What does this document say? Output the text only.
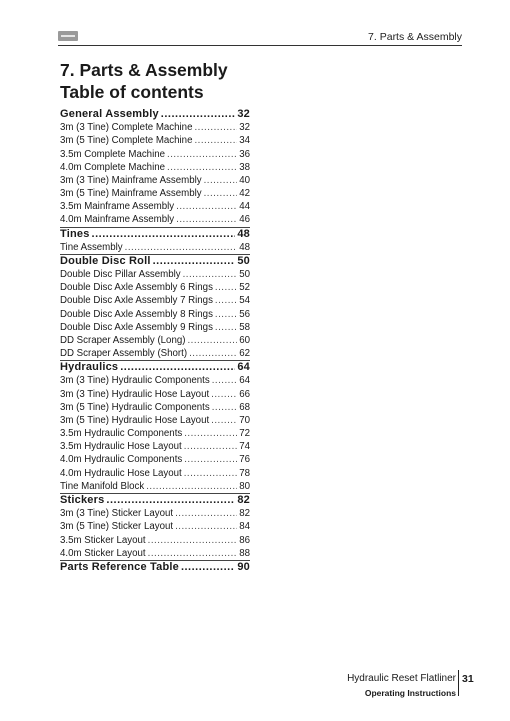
7. Parts & Assembly
7. Parts & Assembly
Table of contents
General Assembly .....	32
3m (3 Tine) Complete Machine .....	32
3m (5 Tine) Complete Machine .....	34
3.5m Complete Machine .....	36
4.0m Complete Machine .....	38
3m (3 Tine) Mainframe Assembly .....	40
3m (5 Tine) Mainframe Assembly .....	42
3.5m Mainframe Assembly .....	44
4.0m Mainframe Assembly .....	46
Tines .....	48
Tine Assembly .....	48
Double Disc Roll .....	50
Double Disc Pillar Assembly .....	50
Double Disc Axle Assembly 6 Rings .....	52
Double Disc Axle Assembly 7 Rings .....	54
Double Disc Axle Assembly 8 Rings .....	56
Double Disc Axle Assembly 9 Rings .....	58
DD Scraper Assembly (Long) .....	60
DD Scraper Assembly (Short) .....	62
Hydraulics .....	64
3m (3 Tine) Hydraulic Components .....	64
3m (3 Tine) Hydraulic Hose Layout .....	66
3m (5 Tine) Hydraulic Components .....	68
3m (5 Tine) Hydraulic Hose Layout .....	70
3.5m Hydraulic Components .....	72
3.5m Hydraulic Hose Layout .....	74
4.0m Hydraulic Components .....	76
4.0m Hydraulic Hose Layout .....	78
Tine Manifold Block .....	80
Stickers .....	82
3m (3 Tine) Sticker Layout .....	82
3m (5 Tine) Sticker Layout .....	84
3.5m Sticker Layout .....	86
4.0m Sticker Layout .....	88
Parts Reference Table .....	90
Hydraulic Reset Flatliner
Operating Instructions
31
